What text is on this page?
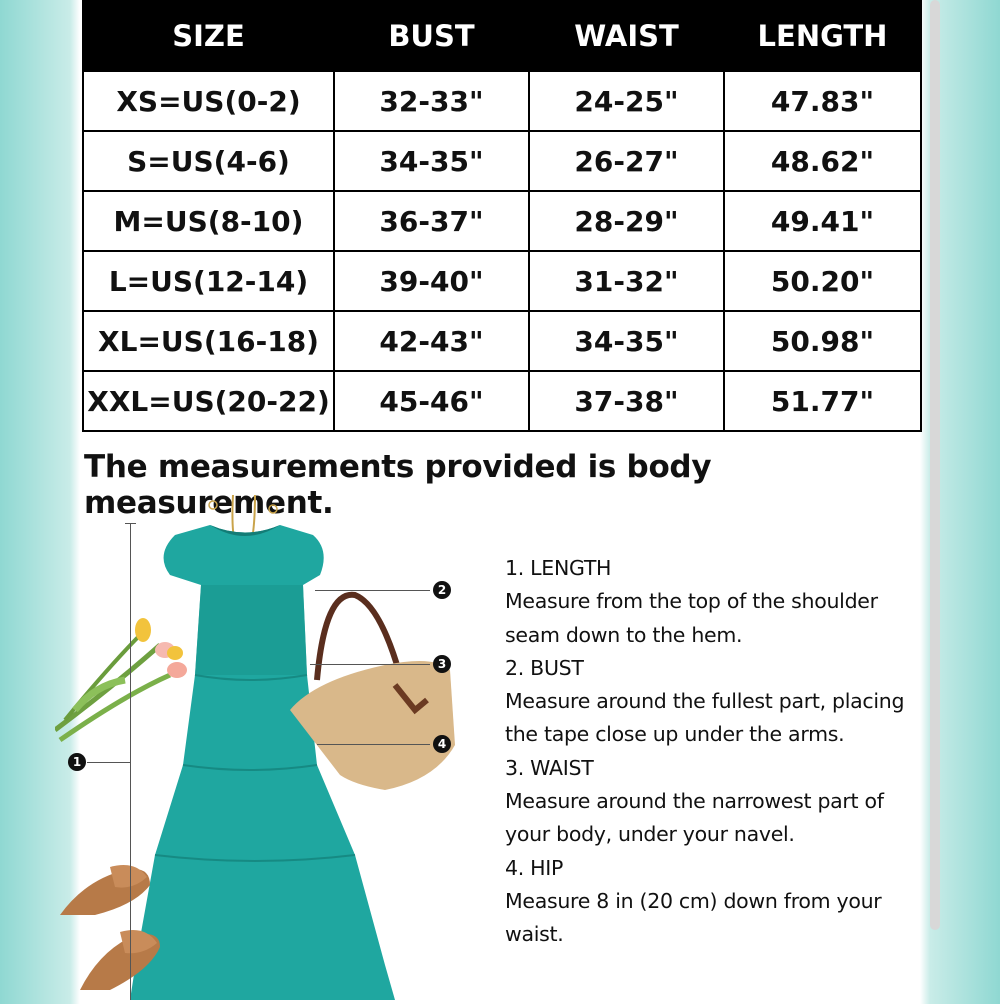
SIZE	BUST	WAIST	LENGTH
XS=US(0-2)	32-33"	24-25"	47.83"
S=US(4-6)	34-35"	26-27"	48.62"
M=US(8-10)	36-37"	28-29"	49.41"
L=US(12-14)	39-40"	31-32"	50.20"
XL=US(16-18)	42-43"	34-35"	50.98"
XXL=US(20-22)	45-46"	37-38"	51.77"
The measurements provided is body measurement.
1
2
3
4

1. LENGTH

Measure from the top of the shoulder

seam down to the hem.

2. BUST

Measure around the fullest part, placing

the tape close up under the arms.

3. WAIST

Measure around the narrowest part of

your body, under your navel.

4. HIP

Measure 8 in (20 cm) down from your

waist.
